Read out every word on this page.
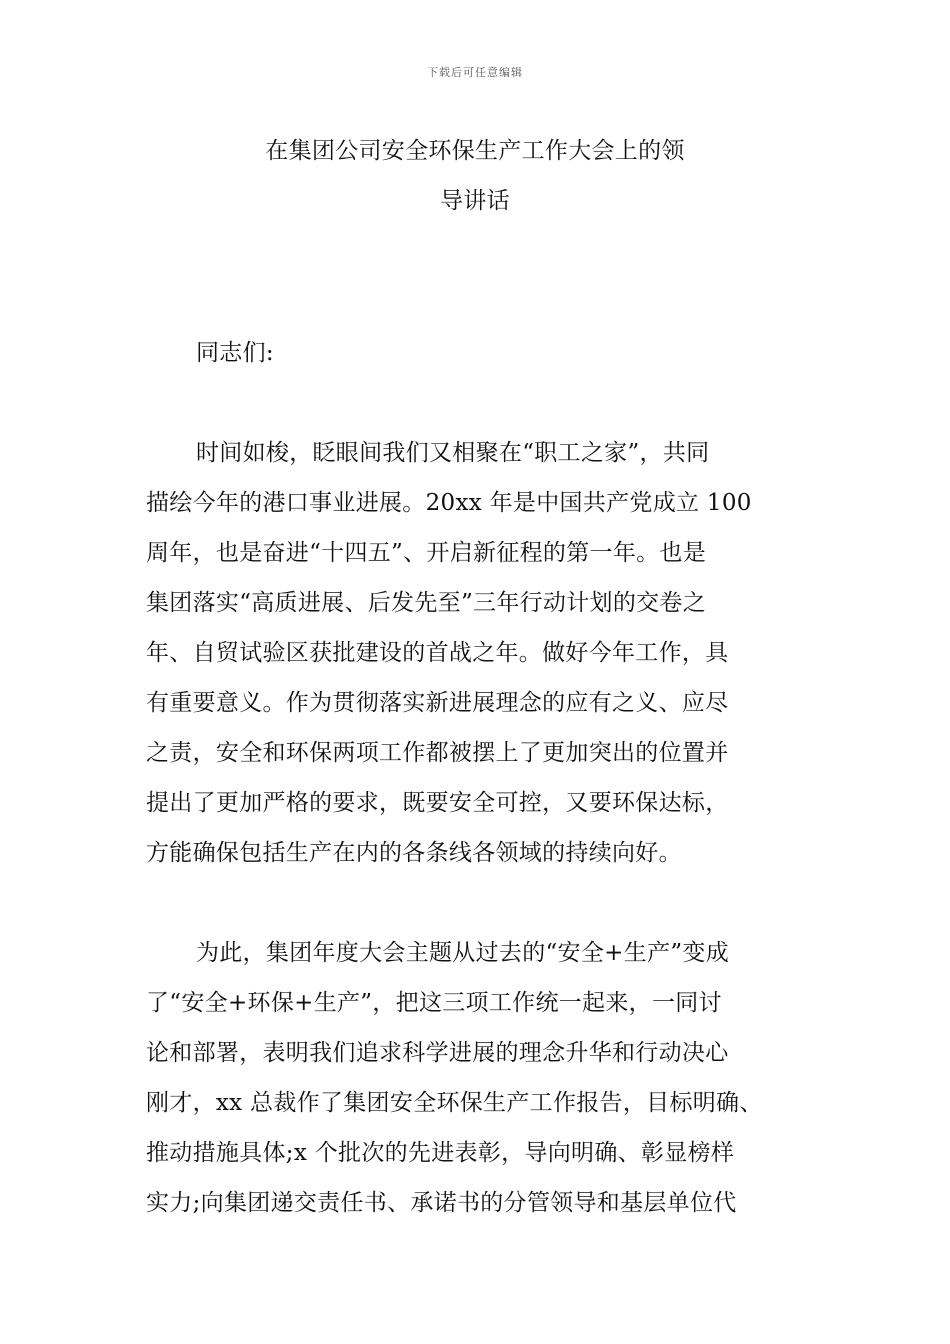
下载后可任意编辑
在集团公司安全环保生产工作大会上的领
导讲话
同志们:
时间如梭，眨眼间我们又相聚在“职工之家”，共同
描绘今年的港口事业进展。20xx 年是中国共产党成立 100
周年，也是奋进“十四五”、开启新征程的第一年。也是
集团落实“高质进展、后发先至”三年行动计划的交卷之
年、自贸试验区获批建设的首战之年。做好今年工作，具
有重要意义。作为贯彻落实新进展理念的应有之义、应尽
之责，安全和环保两项工作都被摆上了更加突出的位置并
提出了更加严格的要求，既要安全可控，又要环保达标，
方能确保包括生产在内的各条线各领域的持续向好。
为此，集团年度大会主题从过去的“安全+生产”变成
了“安全+环保+生产”，把这三项工作统一起来，一同讨
论和部署，表明我们追求科学进展的理念升华和行动决心
刚才，xx 总裁作了集团安全环保生产工作报告，目标明确、
推动措施具体;x 个批次的先进表彰，导向明确、彰显榜样
实力;向集团递交责任书、承诺书的分管领导和基层单位代
